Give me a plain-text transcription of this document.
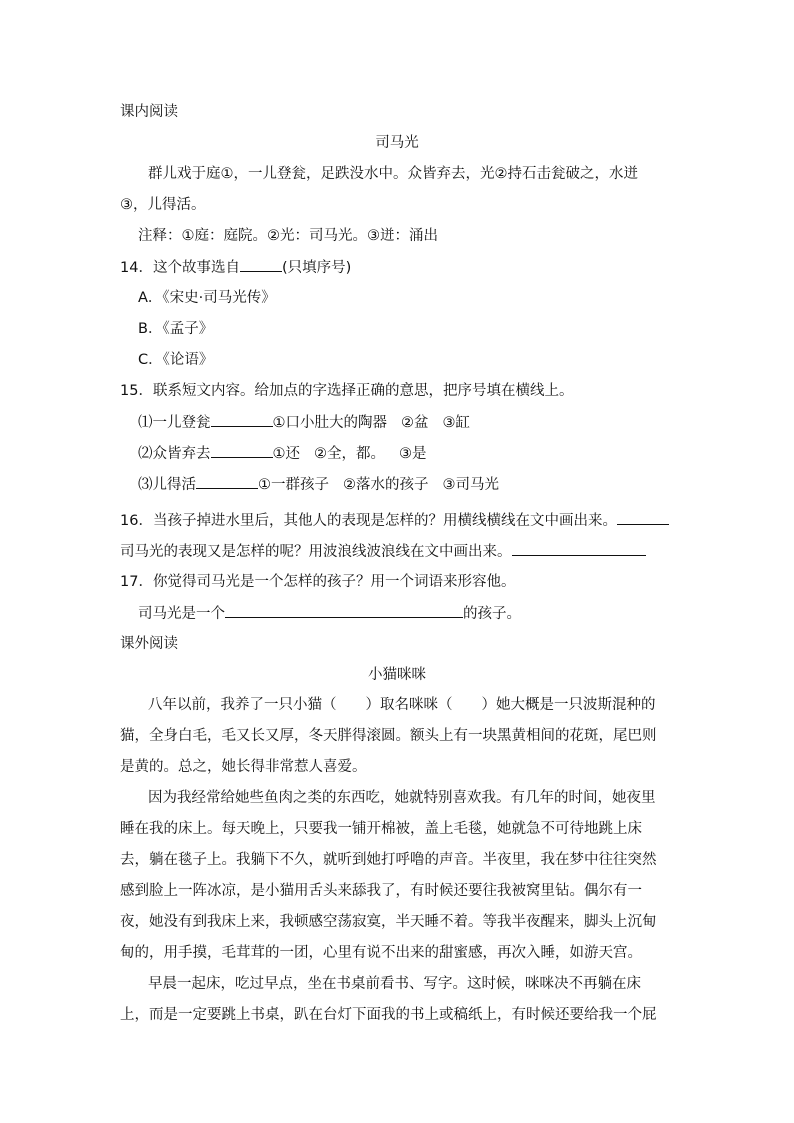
课内阅读
司马光
群儿戏于庭①，一儿登瓮，足跌没水中。众皆弃去，光②持石击瓮破之，水迸
③，儿得活。
注释：①庭：庭院。②光：司马光。③迸：涌出
14．这个故事选自	(只填序号)
A．《宋史·司马光传》
B．《孟子》
C．《论语》
15．联系短文内容。给加点的字选择正确的意思，把序号填在横线上。
⑴一儿登瓮	①口小肚大的陶器 ②盆 ③缸
⑵众皆弃去	①还 ②全，都。 ③是
⑶儿得活	①一群孩子 ②落水的孩子 ③司马光
16．当孩子掉进水里后，其他人的表现是怎样的？用横线横线在文中画出来。
司马光的表现又是怎样的呢？用波浪线波浪线在文中画出来。
17．你觉得司马光是一个怎样的孩子？用一个词语来形容他。
司马光是一个	的孩子。
课外阅读
小猫咪咪
八年以前，我养了一只小猫（　　）取名咪咪（　　）她大概是一只波斯混种的
猫，全身白毛，毛又长又厚，冬天胖得滚圆。额头上有一块黑黄相间的花斑，尾巴则
是黄的。总之，她长得非常惹人喜爱。
因为我经常给她些鱼肉之类的东西吃，她就特别喜欢我。有几年的时间，她夜里
睡在我的床上。每天晚上，只要我一铺开棉被，盖上毛毯，她就急不可待地跳上床
去，躺在毯子上。我躺下不久，就听到她打呼噜的声音。半夜里，我在梦中往往突然
感到脸上一阵冰凉，是小猫用舌头来舔我了，有时候还要往我被窝里钻。偶尔有一
夜，她没有到我床上来，我顿感空荡寂寞，半天睡不着。等我半夜醒来，脚头上沉甸
甸的，用手摸，毛茸茸的一团，心里有说不出来的甜蜜感，再次入睡，如游天宫。
早晨一起床，吃过早点，坐在书桌前看书、写字。这时候，咪咪决不再躺在床
上，而是一定要跳上书桌，趴在台灯下面我的书上或稿纸上，有时候还要给我一个屁
